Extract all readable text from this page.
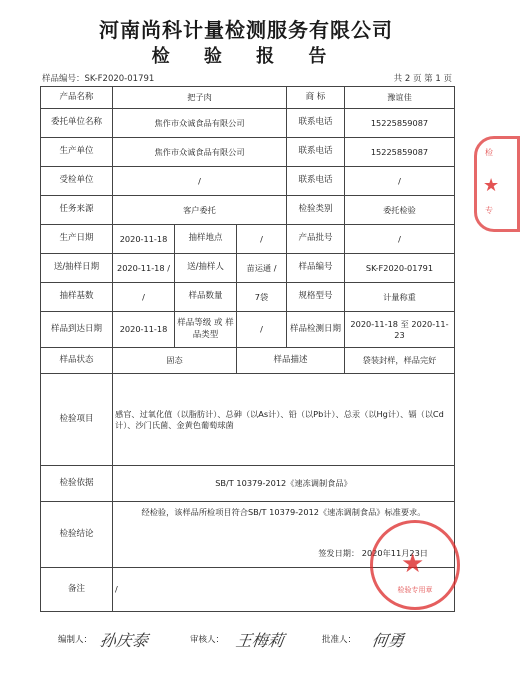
河南尚科计量检测服务有限公司
检 验 报 告
样品编号：SK-F2020-01791	共 2 页 第 1 页
产品名称	把子肉			商 标	豫谊佳
委托单位名称	焦作市众诚食品有限公司			联系电话	15225859087
生产单位	焦作市众诚食品有限公司			联系电话	15225859087
受检单位	/			联系电话	/
任务来源	客户委托			检验类别	委托检验
生产日期	2020-11-18	抽样地点	/	产品批号	/
送/抽样日期	2020-11-18 /	送/抽样人	苗运通 /	样品编号	SK-F2020-01791
抽样基数	/	样品数量	7袋	规格型号	计量称重
样品到达日期	2020-11-18	样品等级 或 样品类型	/	样品检测日期	2020-11-18 至 2020-11-23
样品状态	固态		样品描述		袋装封样，样品完好
检验项目	感官、过氧化值（以脂肪计）、总砷（以As计）、铅（以Pb计）、总汞（以Hg计）、镉（以Cd计）、沙门氏菌、金黄色葡萄球菌				
检验依据	SB/T 10379-2012《速冻调制食品》				
检验结论	经检验，该样品所检项目符合SB/T 10379-2012《速冻调制食品》标准要求。
签发日期： 2020年11月23日				

备注	/				
★
检验专用章
检
★
专
编制人： 孙庆泰	审核人： 王梅莉	批准人： 何勇
